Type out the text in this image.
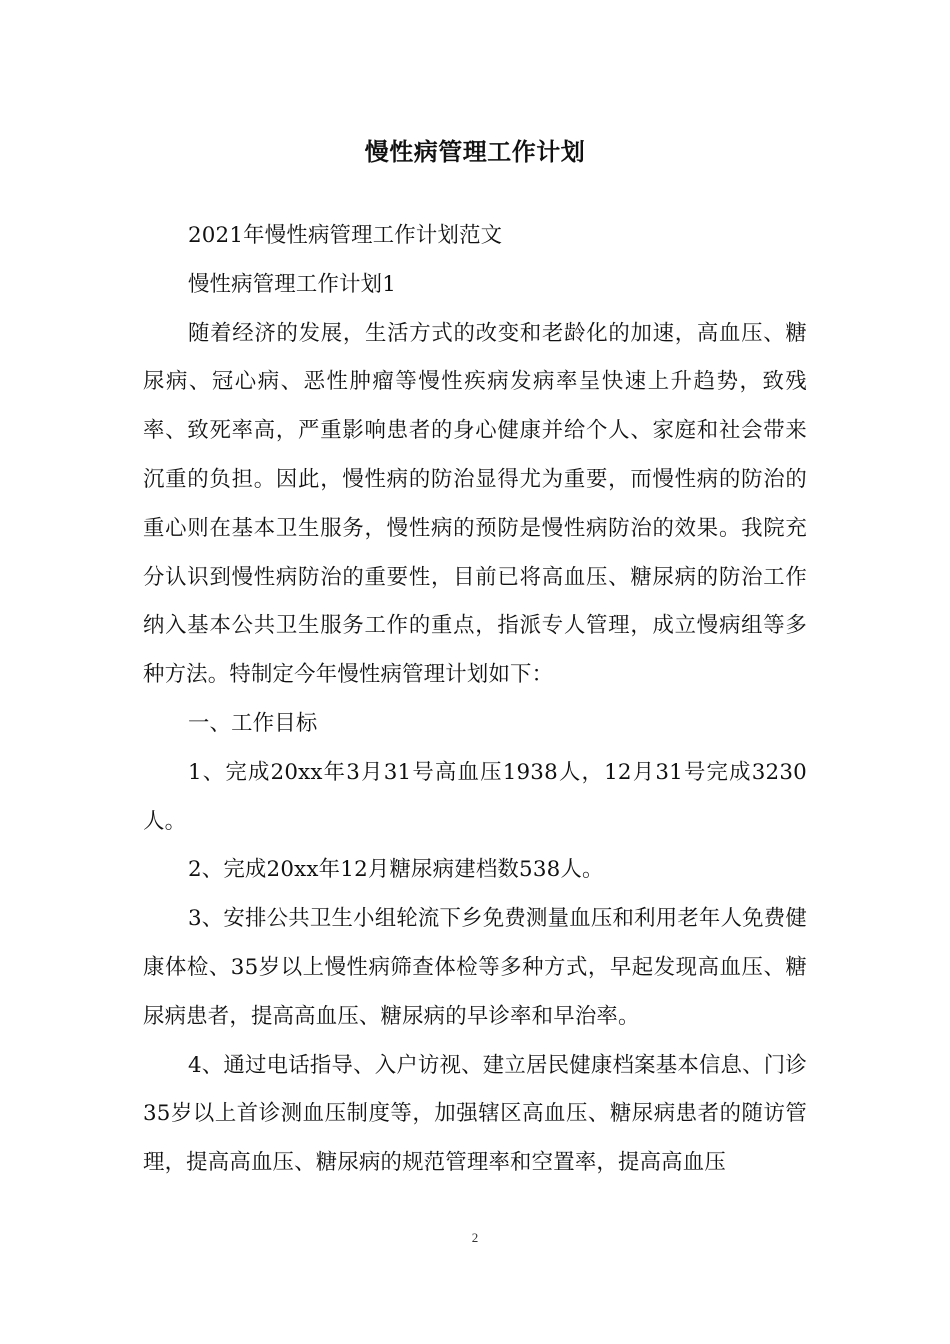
慢性病管理工作计划

2021年慢性病管理工作计划范文

慢性病管理工作计划1

随着经济的发展，生活方式的改变和老龄化的加速，高血压、糖尿病、冠心病、恶性肿瘤等慢性疾病发病率呈快速上升趋势，致残率、致死率高，严重影响患者的身心健康并给个人、家庭和社会带来沉重的负担。因此，慢性病的防治显得尤为重要，而慢性病的防治的重心则在基本卫生服务，慢性病的预防是慢性病防治的效果。我院充分认识到慢性病防治的重要性，目前已将高血压、糖尿病的防治工作纳入基本公共卫生服务工作的重点，指派专人管理，成立慢病组等多种方法。特制定今年慢性病管理计划如下：

一、工作目标

1、完成20xx年3月31号高血压1938人，12月31号完成3230人。

2、完成20xx年12月糖尿病建档数538人。

3、安排公共卫生小组轮流下乡免费测量血压和利用老年人免费健康体检、35岁以上慢性病筛查体检等多种方式，早起发现高血压、糖尿病患者，提高高血压、糖尿病的早诊率和早治率。

4、通过电话指导、入户访视、建立居民健康档案基本信息、门诊35岁以上首诊测血压制度等，加强辖区高血压、糖尿病患者的随访管理，提高高血压、糖尿病的规范管理率和空置率，提高高血压

2
